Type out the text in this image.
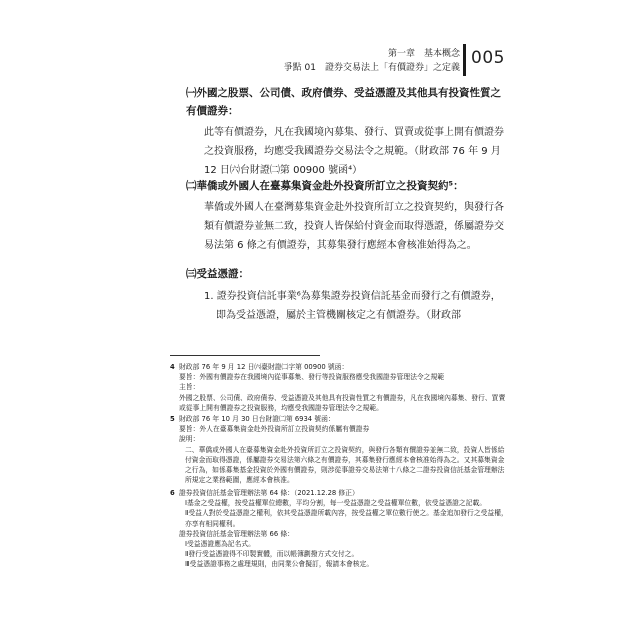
第一章　基本概念
爭點 01　證券交易法上「有價證券」之定義 005
㈠外國之股票、公司債、政府債券、受益憑證及其他具有投資性質之有價證券：
此等有價證券，凡在我國境內募集、發行、買賣或從事上開有價證券之投資服務，均應受我國證券交易法令之規範。（財政部 76 年 9 月 12 日㈥台財證㈡第 00900 號函⁴）
㈡華僑或外國人在臺募集資金赴外投資所訂立之投資契約⁵：
華僑或外國人在臺灣募集資金赴外投資所訂立之投資契約，與發行各類有價證券並無二致，投資人皆保給付資金而取得憑證，係屬證券交易法第 6 條之有價證券，其募集發行應經本會核准始得為之。
㈢受益憑證：
1. 證券投資信託事業⁶為募集證券投資信託基金而發行之有價證券，即為受益憑證，屬於主管機關核定之有價證券。（財政部
4 財政部 76 年 9 月 12 日㈥臺財證㈡字第 00900 號函：
要旨：外國有價證券在我國境內從事募集、發行等投資服務應受我國證券管理法令之規範
主旨：
外國之股票、公司債、政府債券、受益憑證及其他具有投資性質之有價證券，凡在我國境內募集、發行、買賣或從事上開有價證券之投資服務，均應受我國證券管理法令之規範。
5 財政部 76 年 10 月 30 日台財證㈡第 6934 號函：
要旨：外人在臺募集資金赴外投資所訂立投資契約係屬有價證券
說明：
二、華僑或外國人在臺募集資金赴外投資所訂立之投資契約，與發行各類有價證券並無二致，投資人皆係給付資金而取得憑證，係屬證券交易法第六條之有價證券，其募集發行應經本會核准始得為之。又其募集資金之行為，如係募集基金投資於外國有價證券，則涉從事證券交易法第十八條之二證券投資信託基金管理辦法所規定之業務範圍，應經本會核准。
6 證券投資信託基金管理辦法第 64 條：（2021.12.28 修正）
Ⅰ基金之受益權，按受益權單位總數，平均分割，每一受益憑證之受益權單位數，依受益憑證之記載。
Ⅱ受益人對於受益憑證之權利，依其受益憑證所載內容，按受益權之單位數行使之。基金追加發行之受益權，亦享有相同權利。
證券投資信託基金管理辦法第 66 條：
Ⅰ受益憑證應為記名式。
Ⅱ發行受益憑證得不印製實體，而以帳簿劃撥方式交付之。
Ⅲ受益憑證事務之處理規則，由同業公會擬訂，報請本會核定。
